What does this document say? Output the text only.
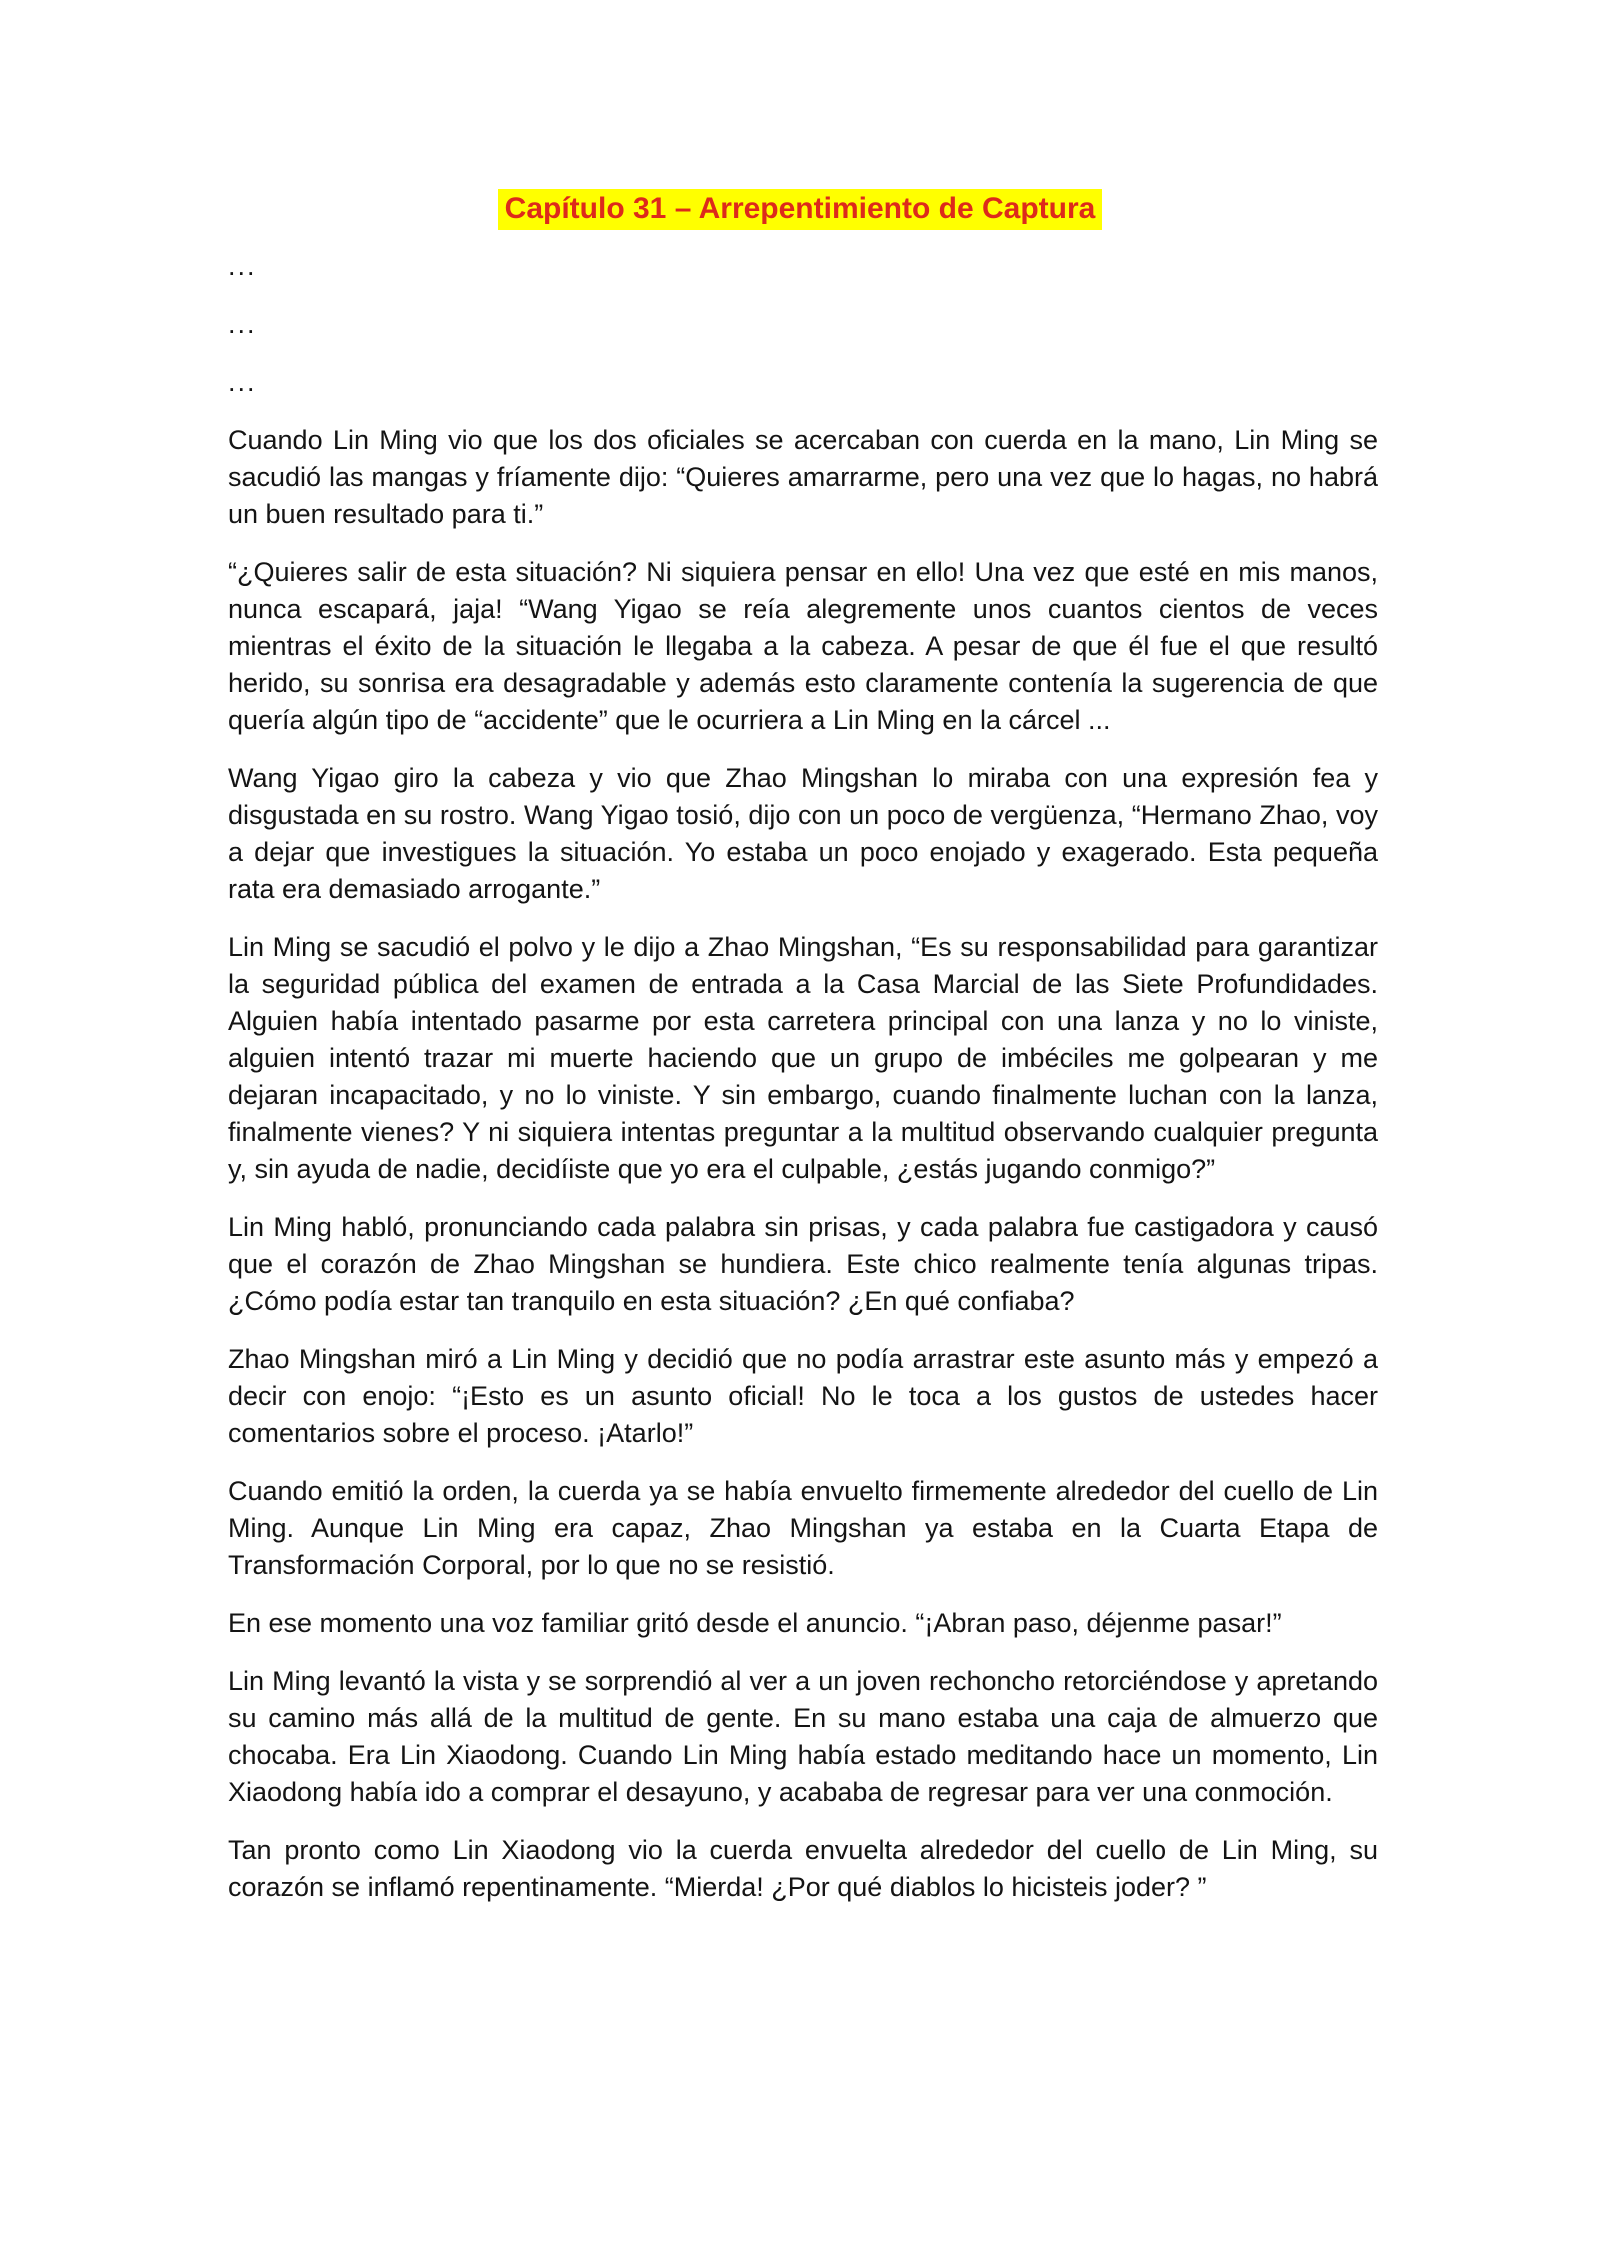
Capítulo 31 – Arrepentimiento de Captura

...

...

...

Cuando Lin Ming vio que los dos oficiales se acercaban con cuerda en la mano, Lin Ming se sacudió las mangas y fríamente dijo: “Quieres amarrarme, pero una vez que lo hagas, no habrá un buen resultado para ti.”

“¿Quieres salir de esta situación? Ni siquiera pensar en ello! Una vez que esté en mis manos, nunca escapará, jaja! “Wang Yigao se reía alegremente unos cuantos cientos de veces mientras el éxito de la situación le llegaba a la cabeza. A pesar de que él fue el que resultó herido, su sonrisa era desagradable y además esto claramente contenía la sugerencia de que quería algún tipo de “accidente” que le ocurriera a Lin Ming en la cárcel ...

Wang Yigao giro la cabeza y vio que Zhao Mingshan lo miraba con una expresión fea y disgustada en su rostro. Wang Yigao tosió, dijo con un poco de vergüenza, “Hermano Zhao, voy a dejar que investigues la situación. Yo estaba un poco enojado y exagerado. Esta pequeña rata era demasiado arrogante.”

Lin Ming se sacudió el polvo y le dijo a Zhao Mingshan, “Es su responsabilidad para garantizar la seguridad pública del examen de entrada a la Casa Marcial de las Siete Profundidades. Alguien había intentado pasarme por esta carretera principal con una lanza y no lo viniste, alguien intentó trazar mi muerte haciendo que un grupo de imbéciles me golpearan y me dejaran incapacitado, y no lo viniste. Y sin embargo, cuando finalmente luchan con la lanza, finalmente vienes? Y ni siquiera intentas preguntar a la multitud observando cualquier pregunta y, sin ayuda de nadie, decidíiste que yo era el culpable, ¿estás jugando conmigo?”

Lin Ming habló, pronunciando cada palabra sin prisas, y cada palabra fue castigadora y causó que el corazón de Zhao Mingshan se hundiera. Este chico realmente tenía algunas tripas. ¿Cómo podía estar tan tranquilo en esta situación? ¿En qué confiaba?

Zhao Mingshan miró a Lin Ming y decidió que no podía arrastrar este asunto más y empezó a decir con enojo: “¡Esto es un asunto oficial! No le toca a los gustos de ustedes hacer comentarios sobre el proceso. ¡Atarlo!”

Cuando emitió la orden, la cuerda ya se había envuelto firmemente alrededor del cuello de Lin Ming. Aunque Lin Ming era capaz, Zhao Mingshan ya estaba en la Cuarta Etapa de Transformación Corporal, por lo que no se resistió.

En ese momento una voz familiar gritó desde el anuncio. “¡Abran paso, déjenme pasar!”

Lin Ming levantó la vista y se sorprendió al ver a un joven rechoncho retorciéndose y apretando su camino más allá de la multitud de gente. En su mano estaba una caja de almuerzo que chocaba. Era Lin Xiaodong. Cuando Lin Ming había estado meditando hace un momento, Lin Xiaodong había ido a comprar el desayuno, y acababa de regresar para ver una conmoción.

Tan pronto como Lin Xiaodong vio la cuerda envuelta alrededor del cuello de Lin Ming, su corazón se inflamó repentinamente. “Mierda! ¿Por qué diablos lo hicisteis joder? ”
